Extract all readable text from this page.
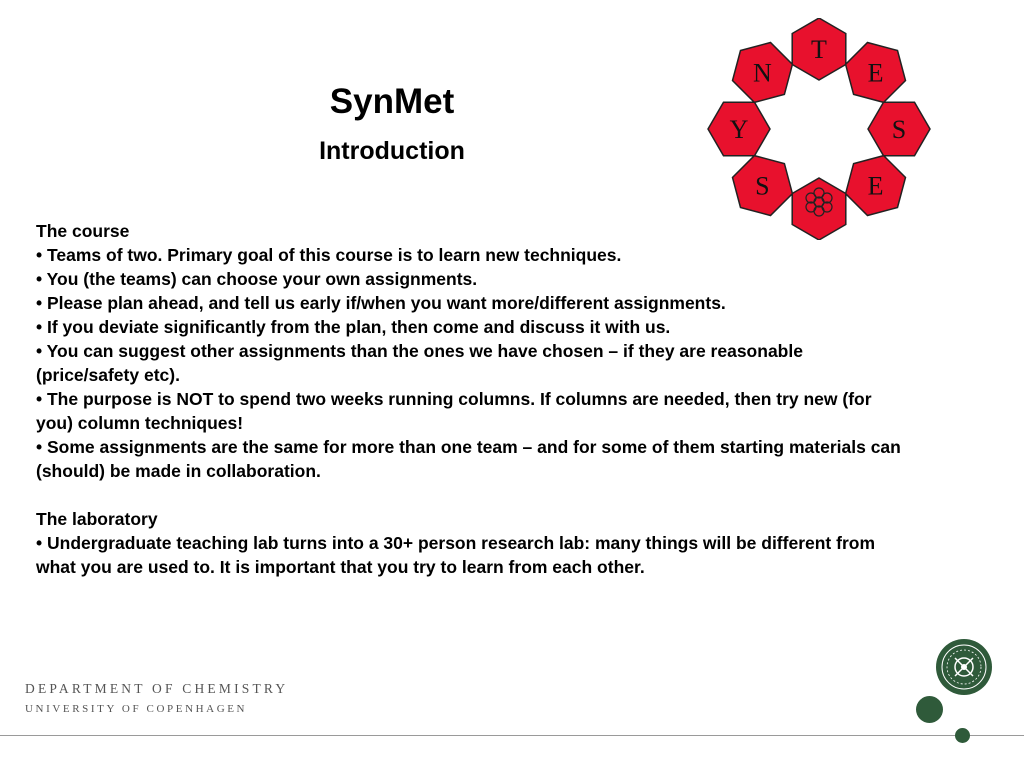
SynMet
Introduction
T
E
S
E
S
Y
N

The course

• Teams of two. Primary goal of this course is to learn new techniques.

• You (the teams) can choose your own assignments.

• Please plan ahead, and tell us early if/when you want more/different assignments.

• If you deviate significantly from the plan, then come and discuss it with us.

• You can suggest other assignments than the ones we have chosen – if they are reasonable (price/safety etc).

• The purpose is NOT to spend two weeks running columns. If columns are needed, then try new (for you) column techniques!

• Some assignments are the same for more than one team – and for some of them starting materials can (should) be made in collaboration.

The laboratory

• Undergraduate teaching lab turns into a 30+ person research lab: many things will be different from what you are used to. It is important that you try to learn from each other.

DEPARTMENT OF CHEMISTRY
UNIVERSITY OF COPENHAGEN
